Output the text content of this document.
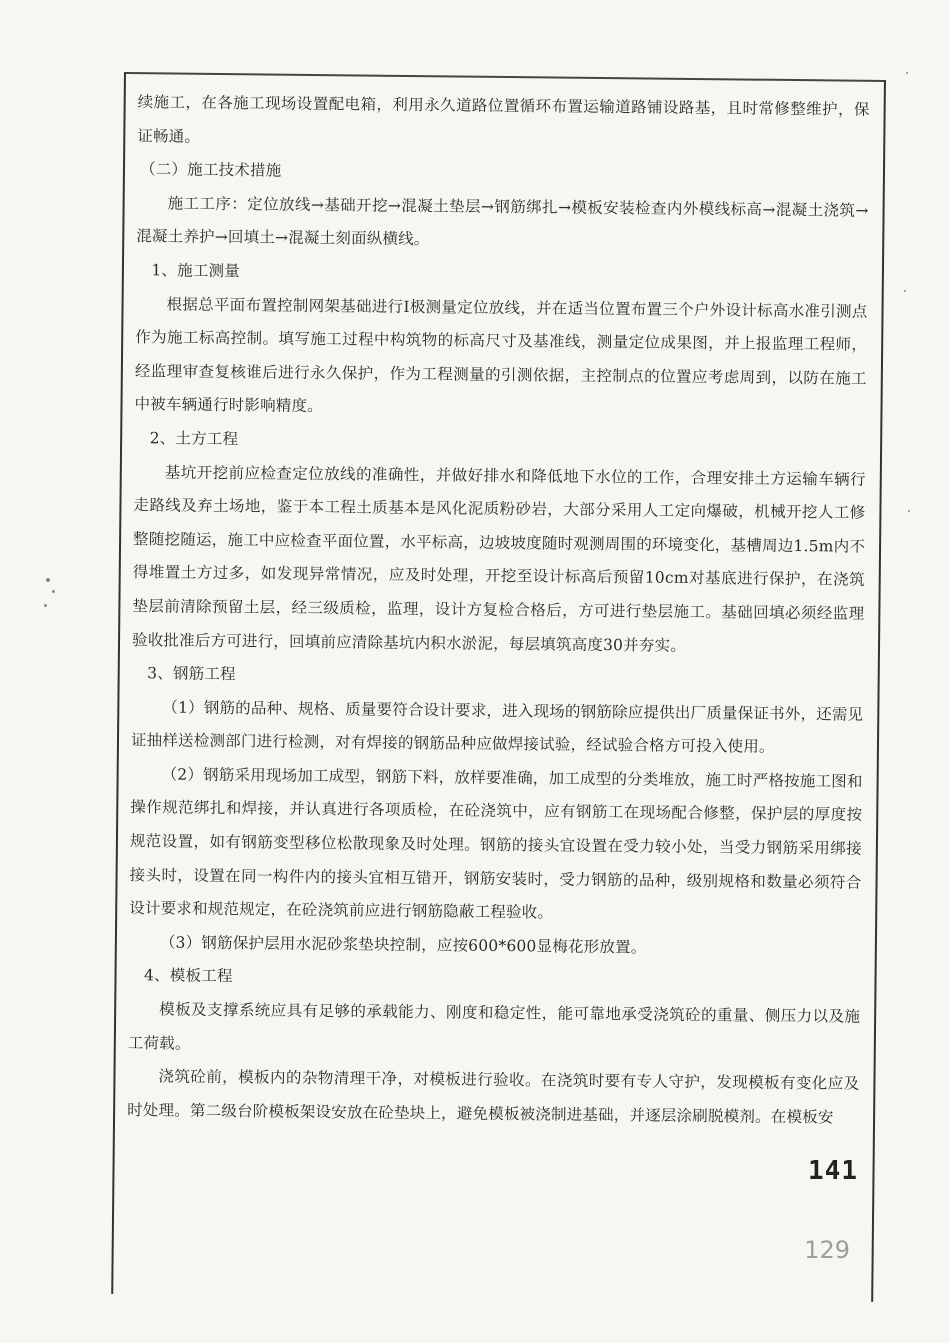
续施工，在各施工现场设置配电箱，利用永久道路位置循环布置运输道路铺设路基，且时常修整维护，保证畅通。

（二）施工技术措施

施工工序：定位放线→基础开挖→混凝土垫层→钢筋绑扎→模板安装检查内外模线标高→混凝土浇筑→混凝土养护→回填土→混凝土刻面纵横线。

1、施工测量

根据总平面布置控制网架基础进行Ⅰ极测量定位放线，并在适当位置布置三个户外设计标高水准引测点作为施工标高控制。填写施工过程中构筑物的标高尺寸及基准线，测量定位成果图，并上报监理工程师，经监理审查复核谁后进行永久保护，作为工程测量的引测依据，主控制点的位置应考虑周到，以防在施工中被车辆通行时影响精度。

2、土方工程

基坑开挖前应检查定位放线的准确性，并做好排水和降低地下水位的工作，合理安排土方运输车辆行走路线及弃土场地，鉴于本工程土质基本是风化泥质粉砂岩，大部分采用人工定向爆破，机械开挖人工修整随挖随运，施工中应检查平面位置，水平标高，边坡坡度随时观测周围的环境变化，基槽周边1.5m内不得堆置土方过多，如发现异常情况，应及时处理，开挖至设计标高后预留10cm对基底进行保护，在浇筑垫层前清除预留土层，经三级质检，监理，设计方复检合格后，方可进行垫层施工。基础回填必须经监理验收批准后方可进行，回填前应清除基坑内积水淤泥，每层填筑高度30并夯实。

3、钢筋工程

（1）钢筋的品种、规格、质量要符合设计要求，进入现场的钢筋除应提供出厂质量保证书外，还需见证抽样送检测部门进行检测，对有焊接的钢筋品种应做焊接试验，经试验合格方可投入使用。

（2）钢筋采用现场加工成型，钢筋下料，放样要准确，加工成型的分类堆放，施工时严格按施工图和操作规范绑扎和焊接，并认真进行各项质检，在砼浇筑中，应有钢筋工在现场配合修整，保护层的厚度按规范设置，如有钢筋变型移位松散现象及时处理。钢筋的接头宜设置在受力较小处，当受力钢筋采用绑接接头时，设置在同一构件内的接头宜相互错开，钢筋安装时，受力钢筋的品种，级别规格和数量必须符合设计要求和规范规定，在砼浇筑前应进行钢筋隐蔽工程验收。

（3）钢筋保护层用水泥砂浆垫块控制，应按600*600显梅花形放置。

4、模板工程

模板及支撑系统应具有足够的承载能力、刚度和稳定性，能可靠地承受浇筑砼的重量、侧压力以及施工荷载。

浇筑砼前，模板内的杂物清理干净，对模板进行验收。在浇筑时要有专人守护，发现模板有变化应及时处理。第二级台阶模板架设安放在砼垫块上，避免模板被浇制进基础，并逐层涂刷脱模剂。在模板安

141
129
